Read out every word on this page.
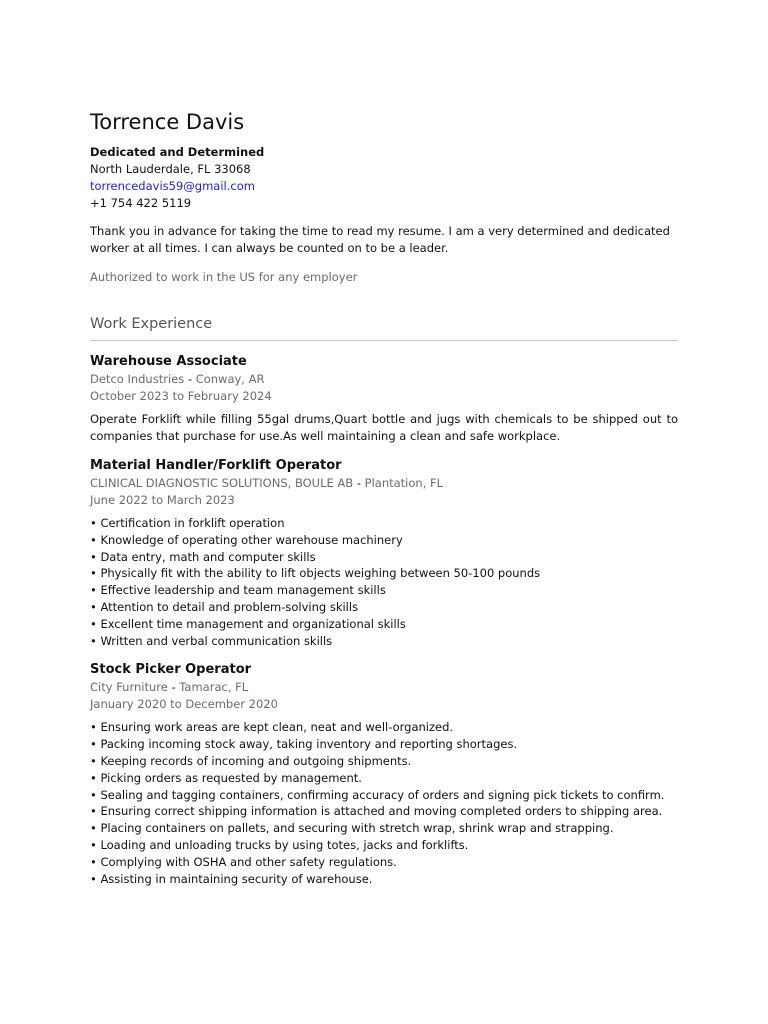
Torrence Davis

Dedicated and Determined

North Lauderdale, FL 33068

torrencedavis59@gmail.com

+1 754 422 5119

Thank you in advance for taking the time to read my resume. I am a very determined and dedicated worker at all times. I can always be counted on to be a leader.

Authorized to work in the US for any employer

Work Experience

Warehouse Associate

Detco Industries - Conway, AR

October 2023 to February 2024

Operate Forklift while filling 55gal drums,Quart bottle and jugs with chemicals to be shipped out to companies that purchase for use.As well maintaining a clean and safe workplace.

Material Handler/Forklift Operator

CLINICAL DIAGNOSTIC SOLUTIONS, BOULE AB - Plantation, FL

June 2022 to March 2023

• Certification in forklift operation
• Knowledge of operating other warehouse machinery
• Data entry, math and computer skills
• Physically fit with the ability to lift objects weighing between 50-100 pounds
• Effective leadership and team management skills
• Attention to detail and problem-solving skills
• Excellent time management and organizational skills
• Written and verbal communication skills

Stock Picker Operator

City Furniture - Tamarac, FL

January 2020 to December 2020

• Ensuring work areas are kept clean, neat and well-organized.
• Packing incoming stock away, taking inventory and reporting shortages.
• Keeping records of incoming and outgoing shipments.
• Picking orders as requested by management.
• Sealing and tagging containers, confirming accuracy of orders and signing pick tickets to confirm.
• Ensuring correct shipping information is attached and moving completed orders to shipping area.
• Placing containers on pallets, and securing with stretch wrap, shrink wrap and strapping.
• Loading and unloading trucks by using totes, jacks and forklifts.
• Complying with OSHA and other safety regulations.
• Assisting in maintaining security of warehouse.
